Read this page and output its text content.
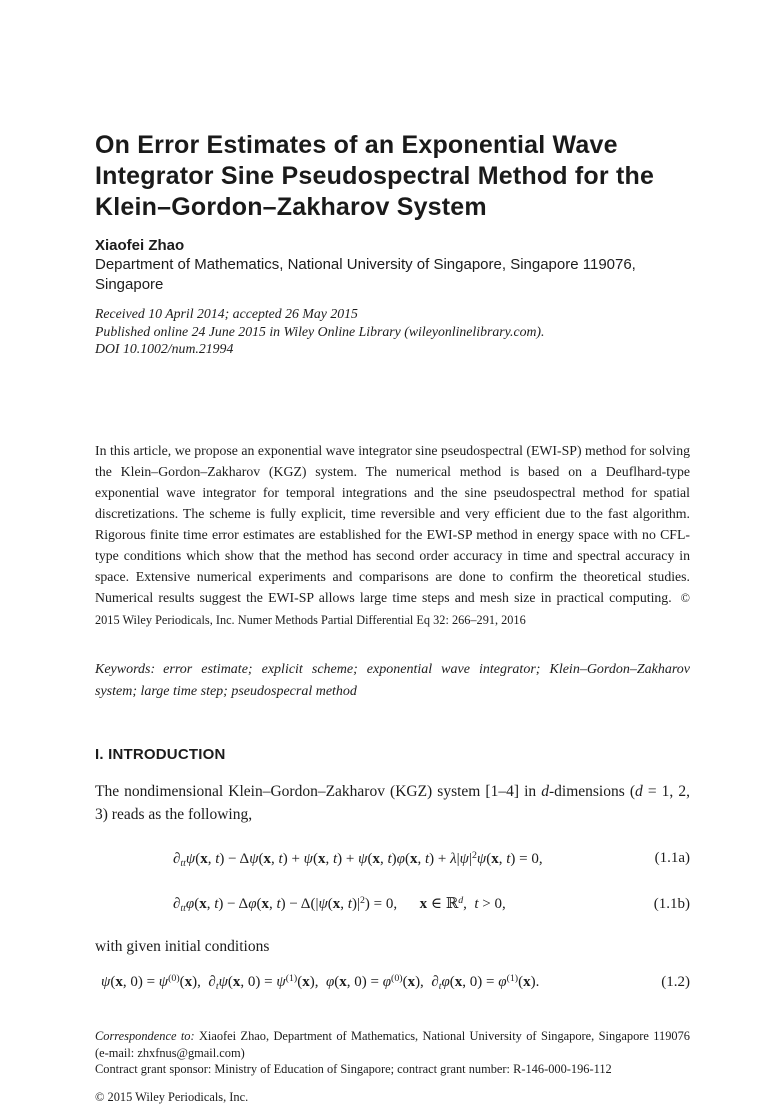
On Error Estimates of an Exponential Wave
Integrator Sine Pseudospectral Method for the
Klein–Gordon–Zakharov System
Xiaofei Zhao
Department of Mathematics, National University of Singapore, Singapore 119076, Singapore
Received 10 April 2014; accepted 26 May 2015
Published online 24 June 2015 in Wiley Online Library (wileyonlinelibrary.com).
DOI 10.1002/num.21994
In this article, we propose an exponential wave integrator sine pseudospectral (EWI-SP) method for solving the Klein–Gordon–Zakharov (KGZ) system. The numerical method is based on a Deuflhard-type exponential wave integrator for temporal integrations and the sine pseudospectral method for spatial discretizations. The scheme is fully explicit, time reversible and very efficient due to the fast algorithm. Rigorous finite time error estimates are established for the EWI-SP method in energy space with no CFL-type conditions which show that the method has second order accuracy in time and spectral accuracy in space. Extensive numerical experiments and comparisons are done to confirm the theoretical studies. Numerical results suggest the EWI-SP allows large time steps and mesh size in practical computing. © 2015 Wiley Periodicals, Inc. Numer Methods Partial Differential Eq 32: 266–291, 2016
Keywords: error estimate; explicit scheme; exponential wave integrator; Klein–Gordon–Zakharov system; large time step; pseudospecral method
I. INTRODUCTION
The nondimensional Klein–Gordon–Zakharov (KGZ) system [1–4] in d-dimensions (d = 1, 2, 3) reads as the following,
∂ttψ(x, t) − Δψ(x, t) + ψ(x, t) + ψ(x, t)φ(x, $t) + \lambda|\psi|^2\psi(x$, t) = 0,	(1.1a)
∂ttφ(x, t) − Δφ(x, t) − Δ(|ψ(x, $t)|^2) = 0$,  x ∈ ℝ$^d$, t > 0,	(1.1b)
with given initial conditions
ψ(x, $0) = \psi^{(0)}(x)$, ∂tψ(x, $0) = \psi^{(1)}(x)$, φ(x, $0) = \varphi^{(0)}(x)$, ∂tφ(x, $0) = \varphi^{(1)}(x)$.	(1.2)
Correspondence to: Xiaofei Zhao, Department of Mathematics, National University of Singapore, Singapore 119076 (e-mail: zhxfnus@gmail.com)
Contract grant sponsor: Ministry of Education of Singapore; contract grant number: R-146-000-196-112
© 2015 Wiley Periodicals, Inc.
